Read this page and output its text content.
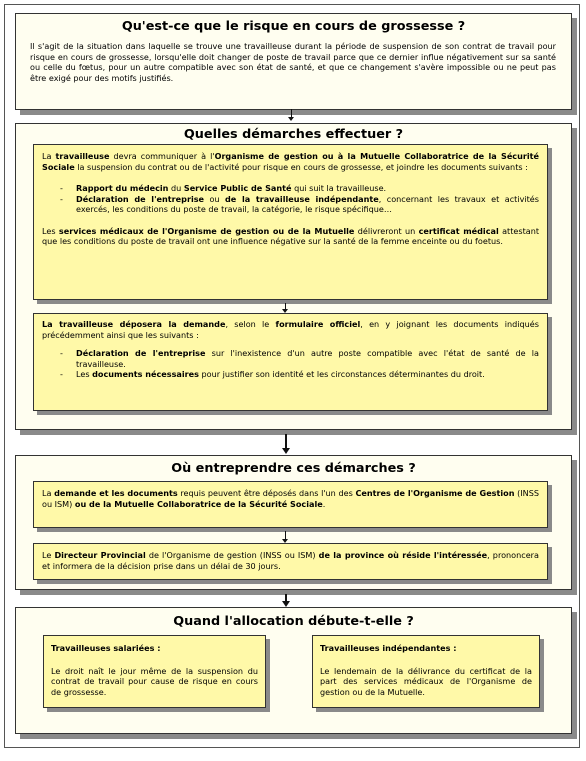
Qu'est-ce que le risque en cours de grossesse ?
Il s'agit de la situation dans laquelle se trouve une travailleuse durant la période de suspension de son contrat de travail pour risque en cours de grossesse, lorsqu'elle doit changer de poste de travail parce que ce dernier influe négativement sur sa santé ou celle du fœtus, pour un autre compatible avec son état de santé, et que ce changement s'avère impossible ou ne peut pas être exigé pour des motifs justifiés.
Quelles démarches effectuer ?

La travailleuse devra communiquer à l'Organisme de gestion ou à la Mutuelle Collaboratrice de la Sécurité Sociale la suspension du contrat ou de l'activité pour risque en cours de grossesse, et joindre les documents suivants :

- Rapport du médecin du Service Public de Santé qui suit la travailleuse.
- Déclaration de l'entreprise ou de la travailleuse indépendante, concernant les travaux et activités exercés, les conditions du poste de travail, la catégorie, le risque spécifique…

Les services médicaux de l'Organisme de gestion ou de la Mutuelle délivreront un certificat médical attestant que les conditions du poste de travail ont une influence négative sur la santé de la femme enceinte ou du foetus.

La travailleuse déposera la demande, selon le formulaire officiel, en y joignant les documents indiqués précédemment ainsi que les suivants :

- Déclaration de l'entreprise sur l'inexistence d'un autre poste compatible avec l'état de santé de la travailleuse.
- Les documents nécessaires pour justifier son identité et les circonstances déterminantes du droit.
Où entreprendre ces démarches ?

La demande et les documents requis peuvent être déposés dans l'un des Centres de l'Organisme de Gestion (INSS ou ISM) ou de la Mutuelle Collaboratrice de la Sécurité Sociale.

Le Directeur Provincial de l'Organisme de gestion (INSS ou ISM) de la province où réside l'intéressée, prononcera et informera de la décision prise dans un délai de 30 jours.

Quand l'allocation débute-t-elle ?

Travailleuses salariées :

Le droit naît le jour même de la suspension du contrat de travail pour cause de risque en cours de grossesse.

Travailleuses indépendantes :

Le lendemain de la délivrance du certificat de la part des services médicaux de l'Organisme de gestion ou de la Mutuelle.
